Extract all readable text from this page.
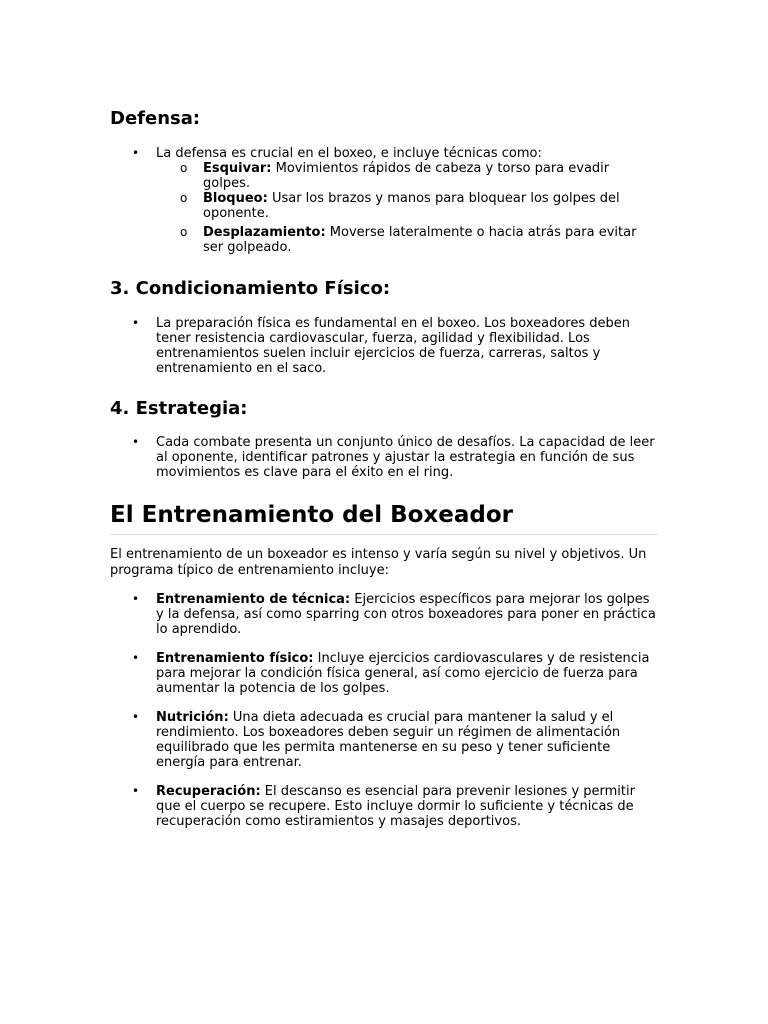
Defensa:
• La defensa es crucial en el boxeo, e incluye técnicas como:
o Esquivar: Movimientos rápidos de cabeza y torso para evadir golpes.
o Bloqueo: Usar los brazos y manos para bloquear los golpes del oponente.
o Desplazamiento: Moverse lateralmente o hacia atrás para evitar ser golpeado.
3. Condicionamiento Físico:
• La preparación física es fundamental en el boxeo. Los boxeadores deben tener resistencia cardiovascular, fuerza, agilidad y flexibilidad. Los entrenamientos suelen incluir ejercicios de fuerza, carreras, saltos y entrenamiento en el saco.
4. Estrategia:
• Cada combate presenta un conjunto único de desafíos. La capacidad de leer al oponente, identificar patrones y ajustar la estrategia en función de sus movimientos es clave para el éxito en el ring.
El Entrenamiento del Boxeador

El entrenamiento de un boxeador es intenso y varía según su nivel y objetivos. Un programa típico de entrenamiento incluye:

• Entrenamiento de técnica: Ejercicios específicos para mejorar los golpes y la defensa, así como sparring con otros boxeadores para poner en práctica lo aprendido.
• Entrenamiento físico: Incluye ejercicios cardiovasculares y de resistencia para mejorar la condición física general, así como ejercicio de fuerza para aumentar la potencia de los golpes.
• Nutrición: Una dieta adecuada es crucial para mantener la salud y el rendimiento. Los boxeadores deben seguir un régimen de alimentación equilibrado que les permita mantenerse en su peso y tener suficiente energía para entrenar.
• Recuperación: El descanso es esencial para prevenir lesiones y permitir que el cuerpo se recupere. Esto incluye dormir lo suficiente y técnicas de recuperación como estiramientos y masajes deportivos.
